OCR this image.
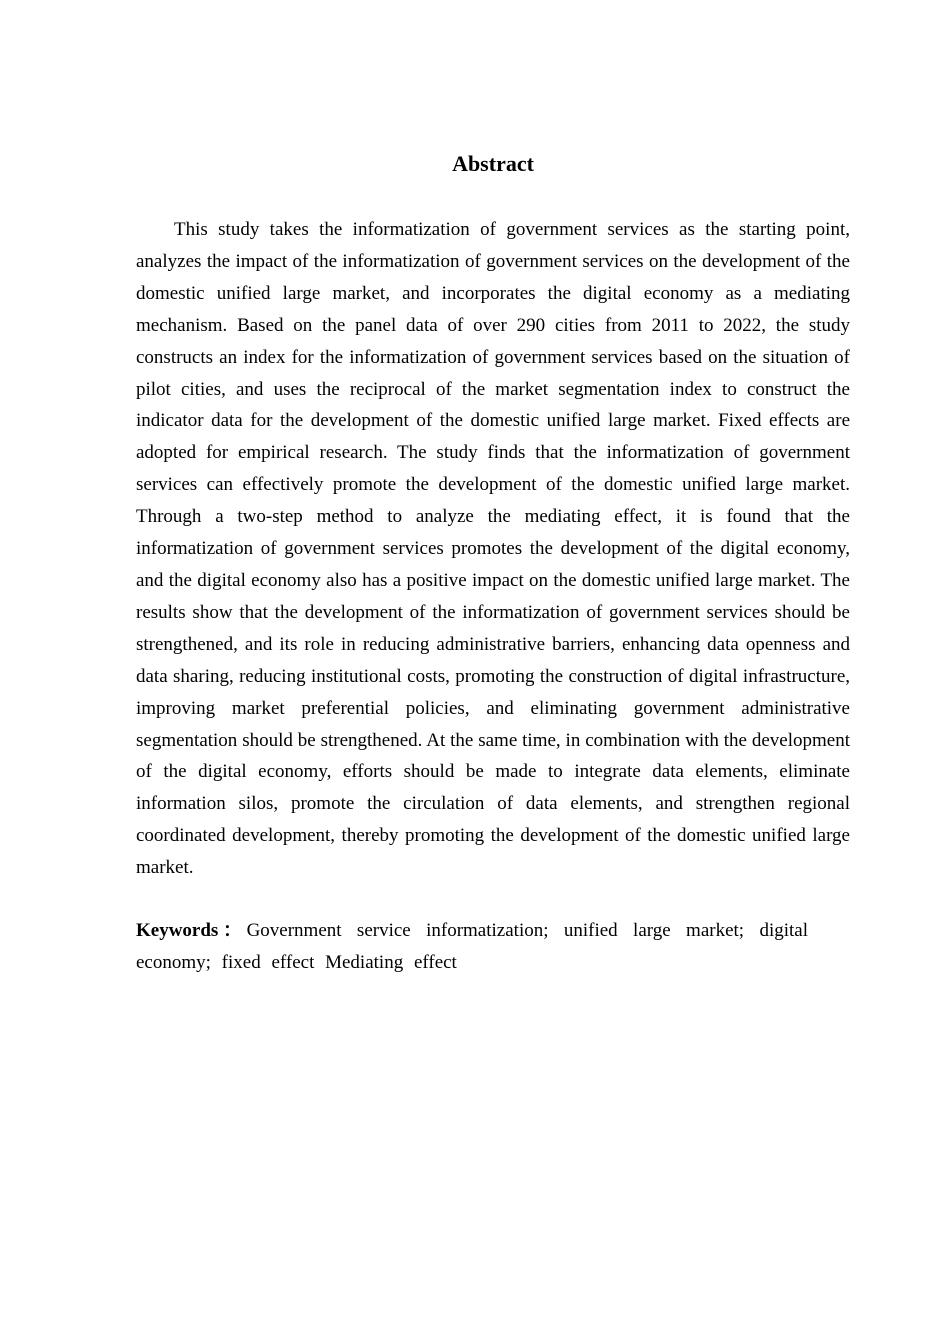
Abstract

This study takes the informatization of government services as the starting point, analyzes the impact of the informatization of government services on the development of the domestic unified large market, and incorporates the digital economy as a mediating mechanism. Based on the panel data of over 290 cities from 2011 to 2022, the study constructs an index for the informatization of government services based on the situation of pilot cities, and uses the reciprocal of the market segmentation index to construct the indicator data for the development of the domestic unified large market. Fixed effects are adopted for empirical research. The study finds that the informatization of government services can effectively promote the development of the domestic unified large market. Through a two-step method to analyze the mediating effect, it is found that the informatization of government services promotes the development of the digital economy, and the digital economy also has a positive impact on the domestic unified large market. The results show that the development of the informatization of government services should be strengthened, and its role in reducing administrative barriers, enhancing data openness and data sharing, reducing institutional costs, promoting the construction of digital infrastructure, improving market preferential policies, and eliminating government administrative segmentation should be strengthened. At the same time, in combination with the development of the digital economy, efforts should be made to integrate data elements, eliminate information silos, promote the circulation of data elements, and strengthen regional coordinated development, thereby promoting the development of the domestic unified large market.

Keywords：Government service informatization; unified large market; digital economy; fixed effect Mediating effect
